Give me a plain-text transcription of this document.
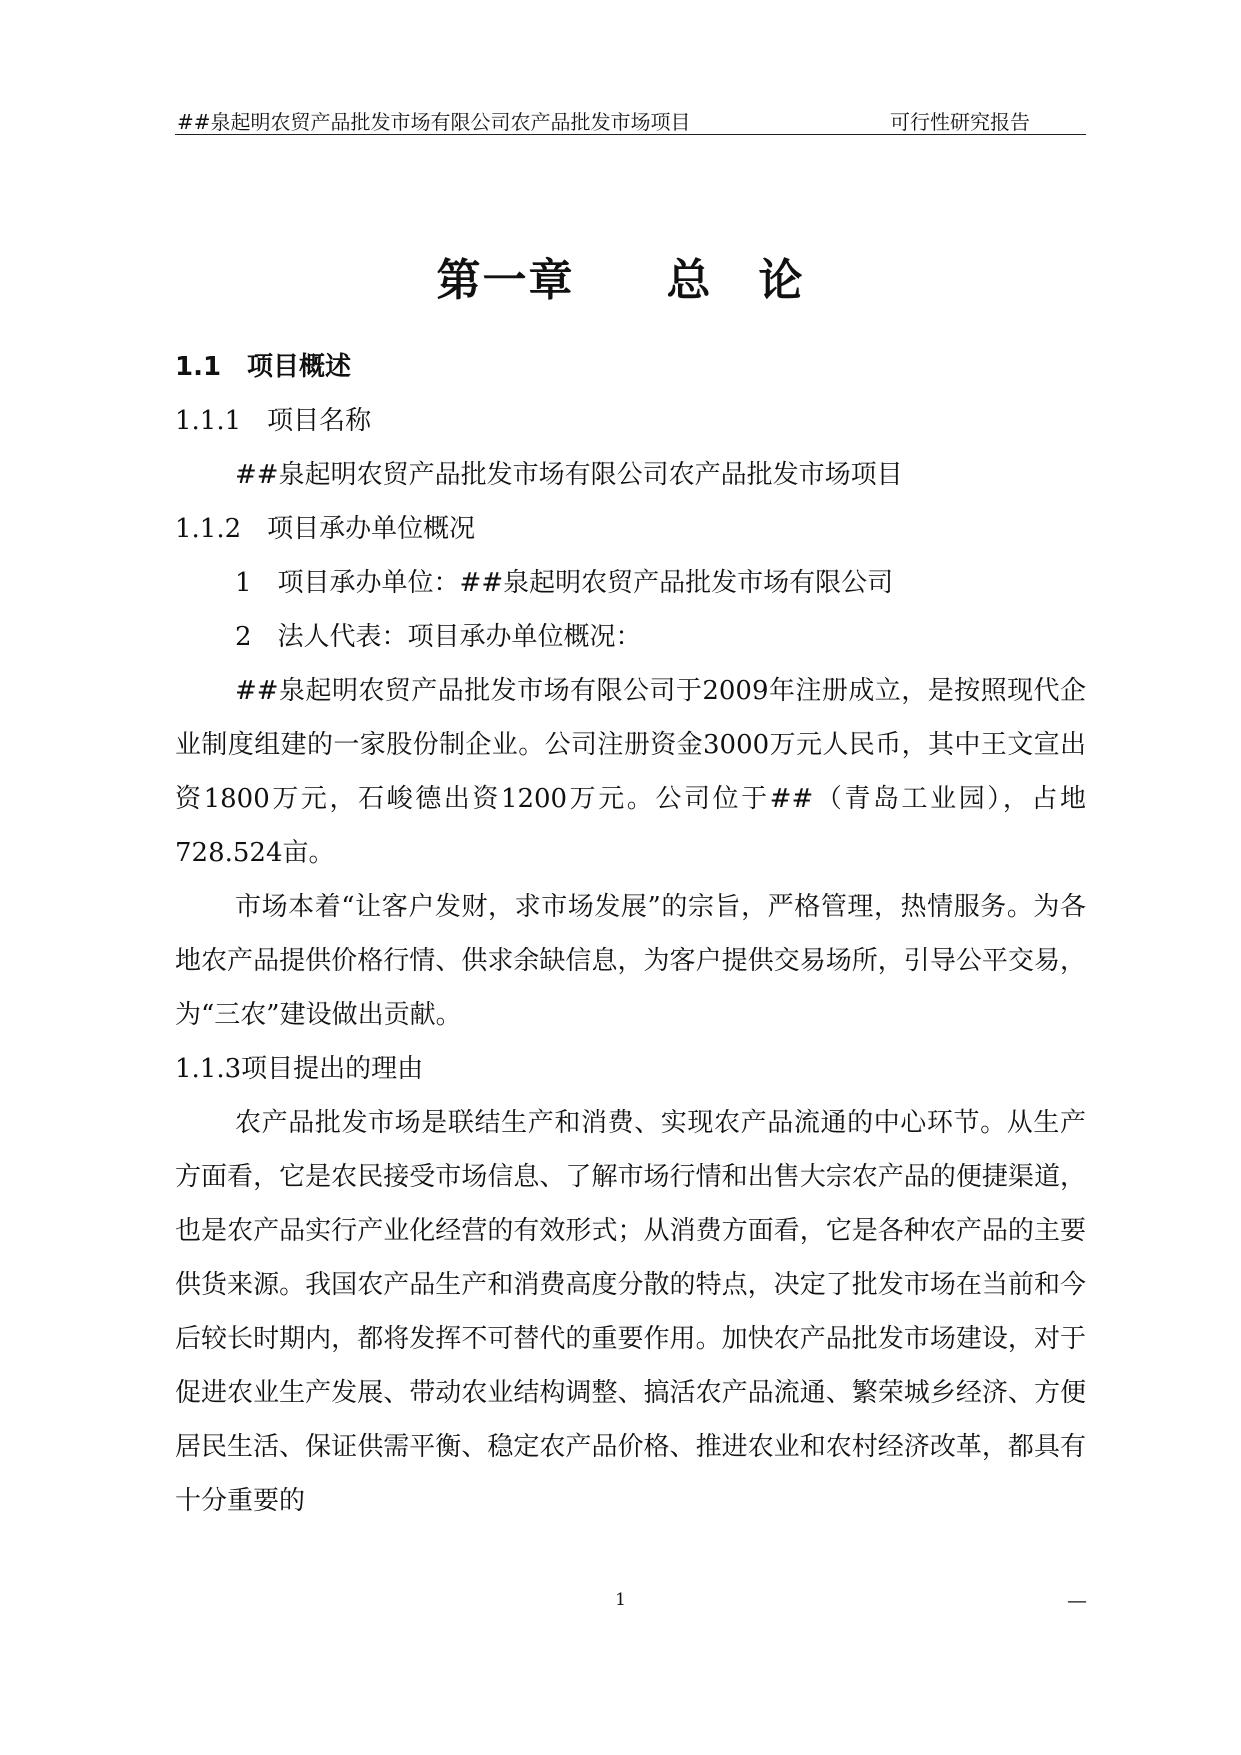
##泉起明农贸产品批发市场有限公司农产品批发市场项目	可行性研究报告
第一章　　总　论
1.1　项目概述
1.1.1　项目名称
##泉起明农贸产品批发市场有限公司农产品批发市场项目
1.1.2　项目承办单位概况
1　项目承办单位：##泉起明农贸产品批发市场有限公司
2　法人代表：项目承办单位概况：

##泉起明农贸产品批发市场有限公司于2009年注册成立，是按照现代企业制度组建的一家股份制企业。公司注册资金3000万元人民币，其中王文宣出资1800万元，石峻德出资1200万元。公司位于##（青岛工业园），占地728.524亩。

市场本着“让客户发财，求市场发展”的宗旨，严格管理，热情服务。为各地农产品提供价格行情、供求余缺信息，为客户提供交易场所，引导公平交易，为“三农”建设做出贡献。

1.1.3项目提出的理由

农产品批发市场是联结生产和消费、实现农产品流通的中心环节。从生产方面看，它是农民接受市场信息、了解市场行情和出售大宗农产品的便捷渠道，也是农产品实行产业化经营的有效形式；从消费方面看，它是各种农产品的主要供货来源。我国农产品生产和消费高度分散的特点，决定了批发市场在当前和今后较长时期内，都将发挥不可替代的重要作用。加快农产品批发市场建设，对于促进农业生产发展、带动农业结构调整、搞活农产品流通、繁荣城乡经济、方便居民生活、保证供需平衡、稳定农产品价格、推进农业和农村经济改革，都具有十分重要的

1	—
